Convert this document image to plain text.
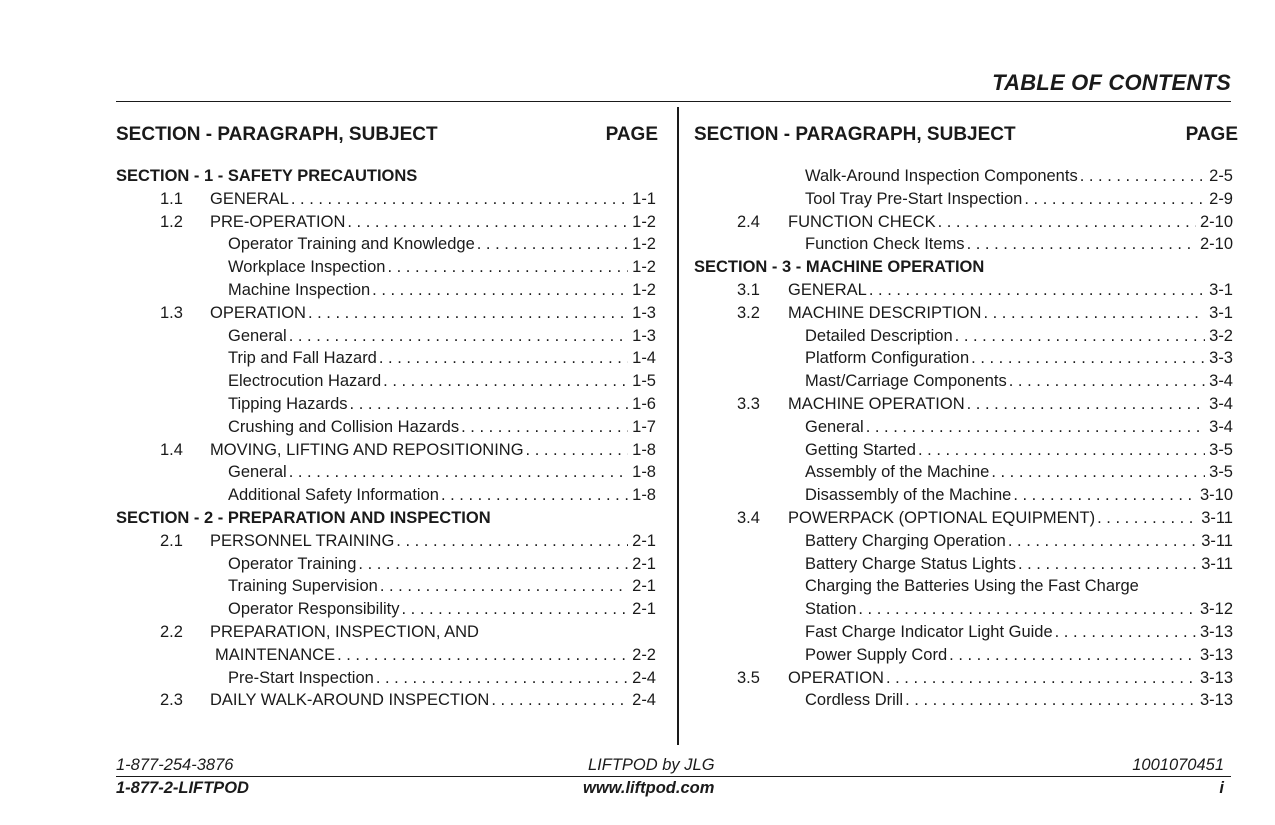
TABLE OF CONTENTS
SECTION - PARAGRAPH, SUBJECT	PAGE
SECTION - 1 - SAFETY PRECAUTIONS
1.1 GENERAL . . .	1-1
1.2 PRE-OPERATION . . .	1-2
Operator Training and Knowledge . . .	1-2
Workplace Inspection . . .	1-2
Machine Inspection . . .	1-2
1.3 OPERATION . . .	1-3
General . . .	1-3
Trip and Fall Hazard . . .	1-4
Electrocution Hazard . . .	1-5
Tipping Hazards . . .	1-6
Crushing and Collision Hazards . . .	1-7
1.4 MOVING, LIFTING AND REPOSITIONING . . .	1-8
General . . .	1-8
Additional Safety Information . . .	1-8
SECTION - 2 - PREPARATION AND INSPECTION
2.1 PERSONNEL TRAINING . . .	2-1
Operator Training . . .	2-1
Training Supervision . . .	2-1
Operator Responsibility . . .	2-1
2.2 PREPARATION, INSPECTION, AND
MAINTENANCE . . .	2-2
Pre-Start Inspection . . .	2-4
2.3 DAILY WALK-AROUND INSPECTION . . .	2-4
SECTION - PARAGRAPH, SUBJECT	PAGE
Walk-Around Inspection Components . . .	2-5
Tool Tray Pre-Start Inspection . . .	2-9
2.4 FUNCTION CHECK . . .	2-10
Function Check Items . . .	2-10
SECTION - 3 - MACHINE OPERATION
3.1 GENERAL . . .	3-1
3.2 MACHINE DESCRIPTION . . .	3-1
Detailed Description . . .	3-2
Platform Configuration . . .	3-3
Mast/Carriage Components . . .	3-4
3.3 MACHINE OPERATION . . .	3-4
General . . .	3-4
Getting Started . . .	3-5
Assembly of the Machine . . .	3-5
Disassembly of the Machine . . .	3-10
3.4 POWERPACK (OPTIONAL EQUIPMENT) . . .	3-11
Battery Charging Operation . . .	3-11
Battery Charge Status Lights . . .	3-11
Charging the Batteries Using the Fast Charge
Station . . .	3-12
Fast Charge Indicator Light Guide . . .	3-13
Power Supply Cord . . .	3-13
3.5 OPERATION . . .	3-13
Cordless Drill . . .	3-13
1-877-254-3876	LIFTPOD by JLG	1001070451
1-877-2-LIFTPOD	www.liftpod.com	i
